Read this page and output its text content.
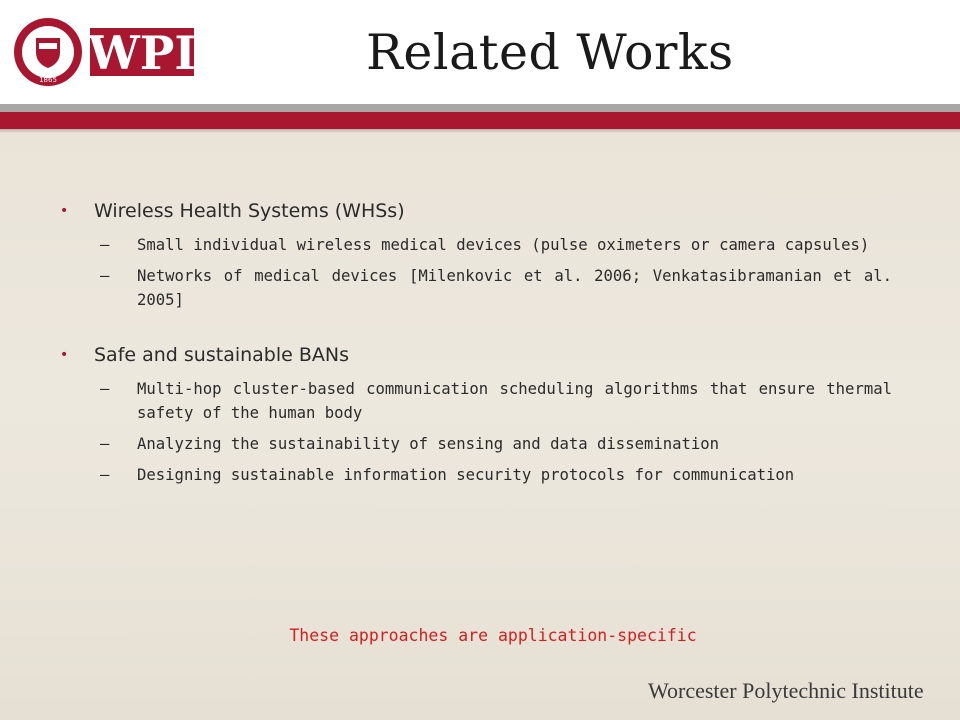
1865 WPI	Related Works
• Wireless Health Systems (WHSs)
– Small individual wireless medical devices (pulse oximeters or camera capsules)
– Networks of medical devices [Milenkovic et al. 2006; Venkatasibramanian et al. 2005]
• Safe and sustainable BANs
– Multi-hop cluster-based communication scheduling algorithms that ensure thermal safety of the human body
– Analyzing the sustainability of sensing and data dissemination
– Designing sustainable information security protocols for communication
These approaches are application-specific
Worcester Polytechnic Institute
